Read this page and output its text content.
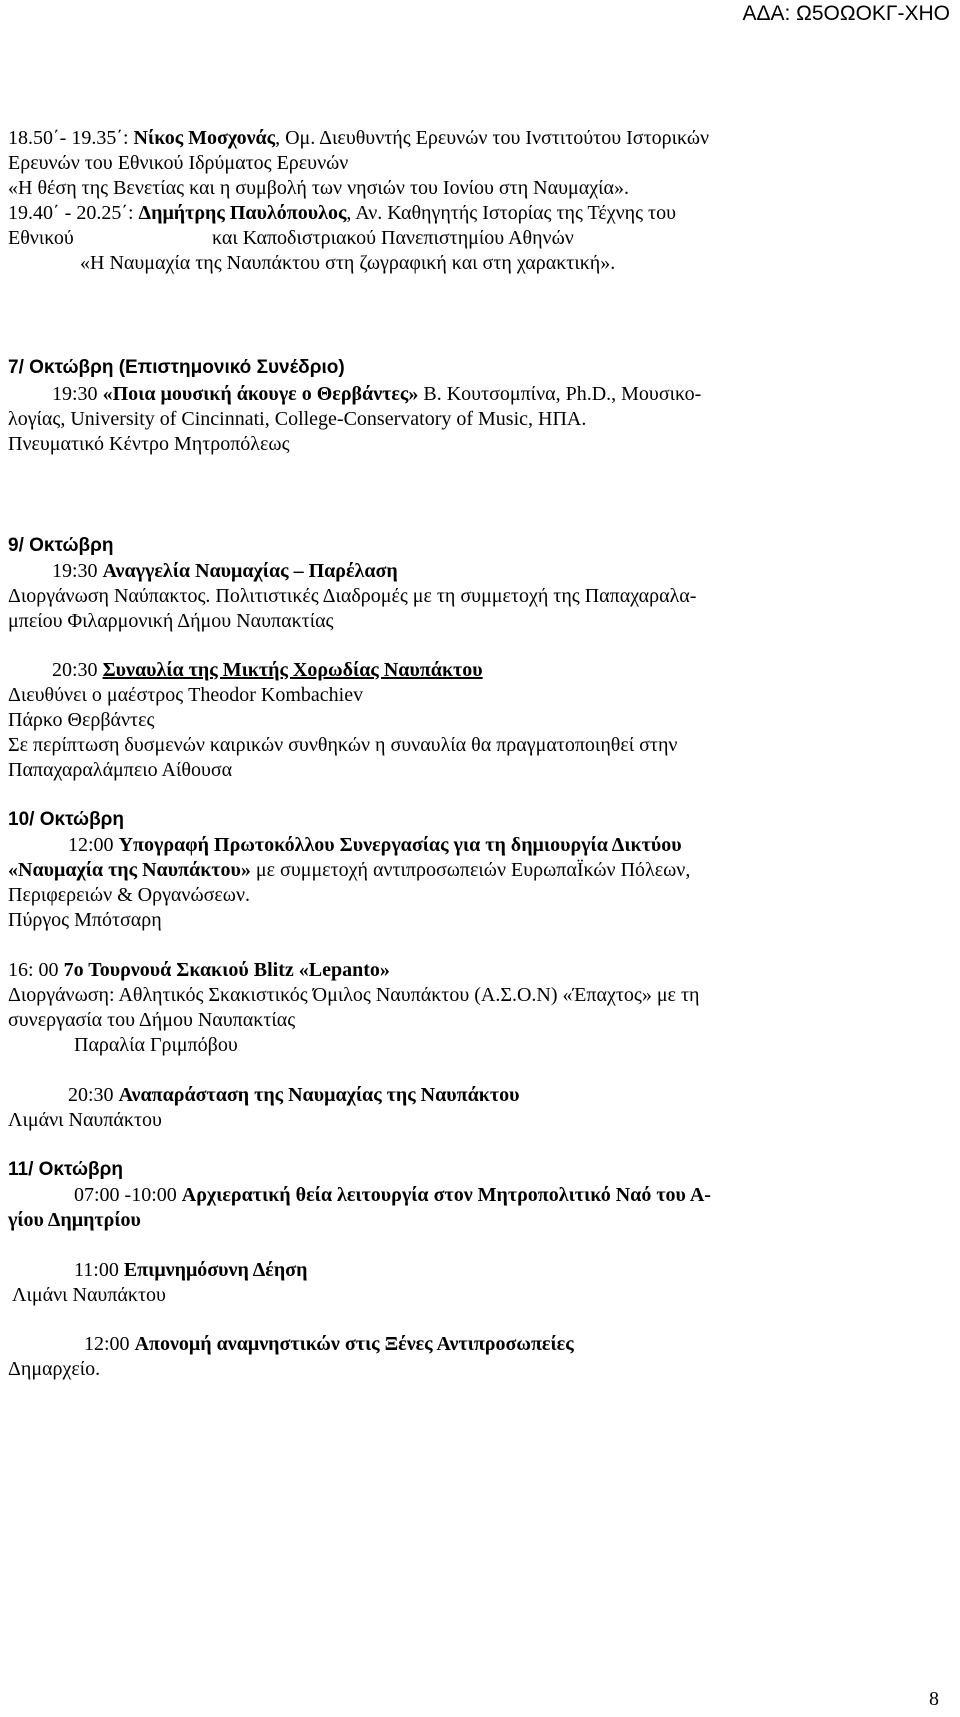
ΑΔΑ: Ω5ΟΩΟΚΓ-ΧΗΟ
18.50΄- 19.35΄: Νίκος Μοσχονάς, Ομ. Διευθυντής Ερευνών του Ινστιτούτου Ιστορικών
Ερευνών του Εθνικού Ιδρύματος Ερευνών
«Η θέση της Βενετίας και η συμβολή των νησιών του Ιονίου στη Ναυμαχία».
19.40΄ - 20.25΄: Δημήτρης Παυλόπουλος, Αν. Καθηγητής Ιστορίας της Τέχνης του
Εθνικού	και Καποδιστριακού Πανεπιστημίου Αθηνών
«Η Ναυμαχία της Ναυπάκτου στη ζωγραφική και στη χαρακτική».
7/ Οκτώβρη (Επιστημονικό Συνέδριο)
19:30 «Ποια μουσική άκουγε ο Θερβάντες» Β. Κουτσομπίνα, Ph.D., Μουσικο-
λογίας, University of Cincinnati, College-Conservatory of Music, ΗΠΑ.
Πνευματικό Κέντρο Μητροπόλεως
9/ Οκτώβρη
19:30 Αναγγελία Ναυμαχίας – Παρέλαση
Διοργάνωση Ναύπακτος. Πολιτιστικές Διαδρομές με τη συμμετοχή της Παπαχαραλα-
μπείου Φιλαρμονική Δήμου Ναυπακτίας
20:30 Συναυλία της Μικτής Χορωδίας Ναυπάκτου
Διευθύνει ο μαέστρος Theodor Kombachiev
Πάρκο Θερβάντες
Σε περίπτωση δυσμενών καιρικών συνθηκών η συναυλία θα πραγματοποιηθεί στην
Παπαχαραλάμπειο Αίθουσα
10/ Οκτώβρη
12:00 Υπογραφή Πρωτοκόλλου Συνεργασίας για τη δημιουργία Δικτύου
«Ναυμαχία της Ναυπάκτου» με συμμετοχή αντιπροσωπειών ΕυρωπαΪκών Πόλεων,
Περιφερειών & Οργανώσεων.
Πύργος Μπότσαρη
16: 00 7ο Τουρνουά Σκακιού Blitz «Lepanto»
Διοργάνωση: Αθλητικός Σκακιστικός Όμιλος Ναυπάκτου (Α.Σ.Ο.Ν) «Έπαχτος» με τη
συνεργασία του Δήμου Ναυπακτίας
Παραλία Γριμπόβου
20:30 Αναπαράσταση της Ναυμαχίας της Ναυπάκτου
Λιμάνι Ναυπάκτου
11/ Οκτώβρη
07:00 -10:00 Αρχιερατική θεία λειτουργία στον Μητροπολιτικό Ναό του Α-
γίου Δημητρίου
11:00 Επιμνημόσυνη Δέηση
Λιμάνι Ναυπάκτου
12:00 Απονομή αναμνηστικών στις Ξένες Αντιπροσωπείες
Δημαρχείο.
8
